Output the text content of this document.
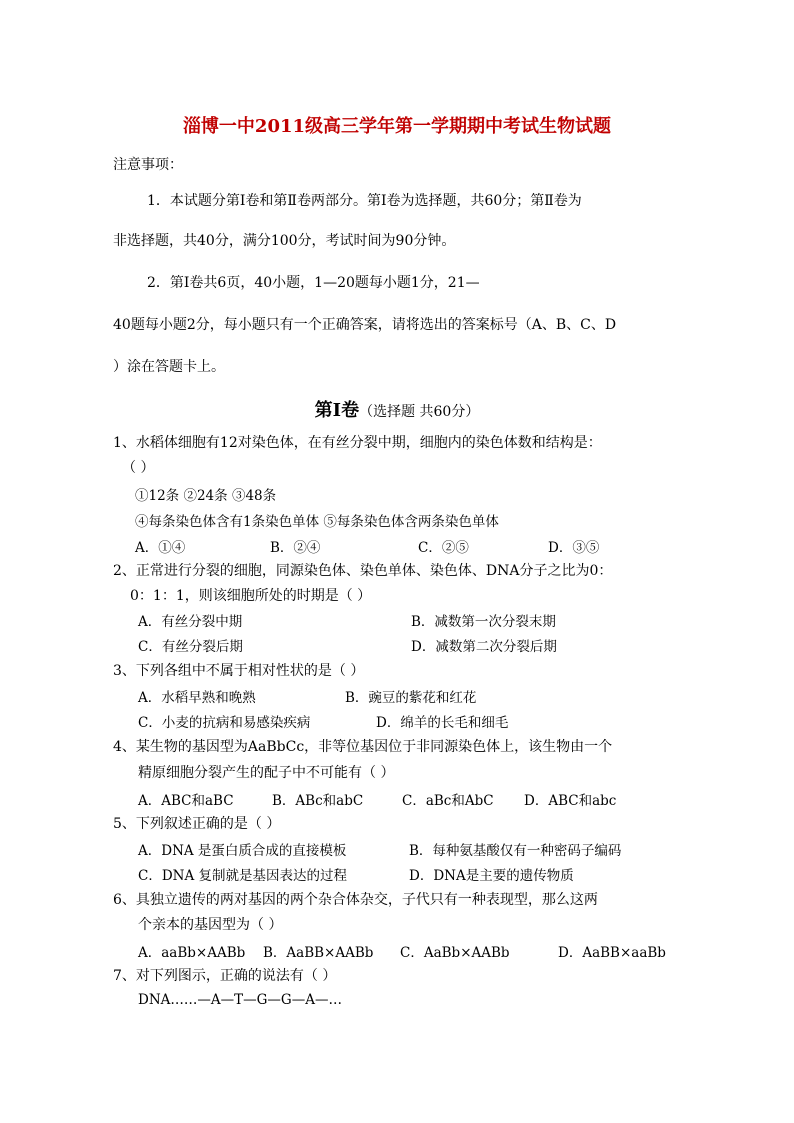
淄博一中2011级高三学年第一学期期中考试生物试题
注意事项：
1．本试题分第Ⅰ卷和第Ⅱ卷两部分。第Ⅰ卷为选择题，共60分；第Ⅱ卷为
非选择题，共40分，满分100分，考试时间为90分钟。
2．第Ⅰ卷共6页，40小题，1—20题每小题1分，21—
40题每小题2分，每小题只有一个正确答案，请将选出的答案标号（A、B、C、D
）涂在答题卡上。
第Ⅰ卷（选择题 共60分）
1、水稻体细胞有12对染色体，在有丝分裂中期，细胞内的染色体数和结构是：
（ ）
①12条 ②24条 ③48条
④每条染色体含有1条染色单体 ⑤每条染色体含两条染色单体
A．①④	B．②④	C．②⑤	D．③⑤
2、正常进行分裂的细胞，同源染色体、染色单体、染色体、DNA分子之比为0：
0：1：1，则该细胞所处的时期是（ ）
A．有丝分裂中期	B．减数第一次分裂末期
C．有丝分裂后期	D．减数第二次分裂后期
3、下列各组中不属于相对性状的是（ ）
A．水稻早熟和晚熟	B．豌豆的紫花和红花
C．小麦的抗病和易感染疾病	D．绵羊的长毛和细毛
4、某生物的基因型为AaBbCc，非等位基因位于非同源染色体上，该生物由一个
精原细胞分裂产生的配子中不可能有（ ）
A．ABC和aBC	B．ABc和abC	C．aBc和AbC D．ABC和abc
5、下列叙述正确的是（ ）
A．DNA 是蛋白质合成的直接模板	B．每种氨基酸仅有一种密码子编码
C．DNA 复制就是基因表达的过程	D．DNA是主要的遗传物质
6、具独立遗传的两对基因的两个杂合体杂交，子代只有一种表现型，那么这两
个亲本的基因型为（ ）
A．aaBb×AABb B．AaBB×AABb C．AaBb×AABb	D．AaBB×aaBb
7、对下列图示，正确的说法有（ ）
DNA……—A—T—G—G—A—…
